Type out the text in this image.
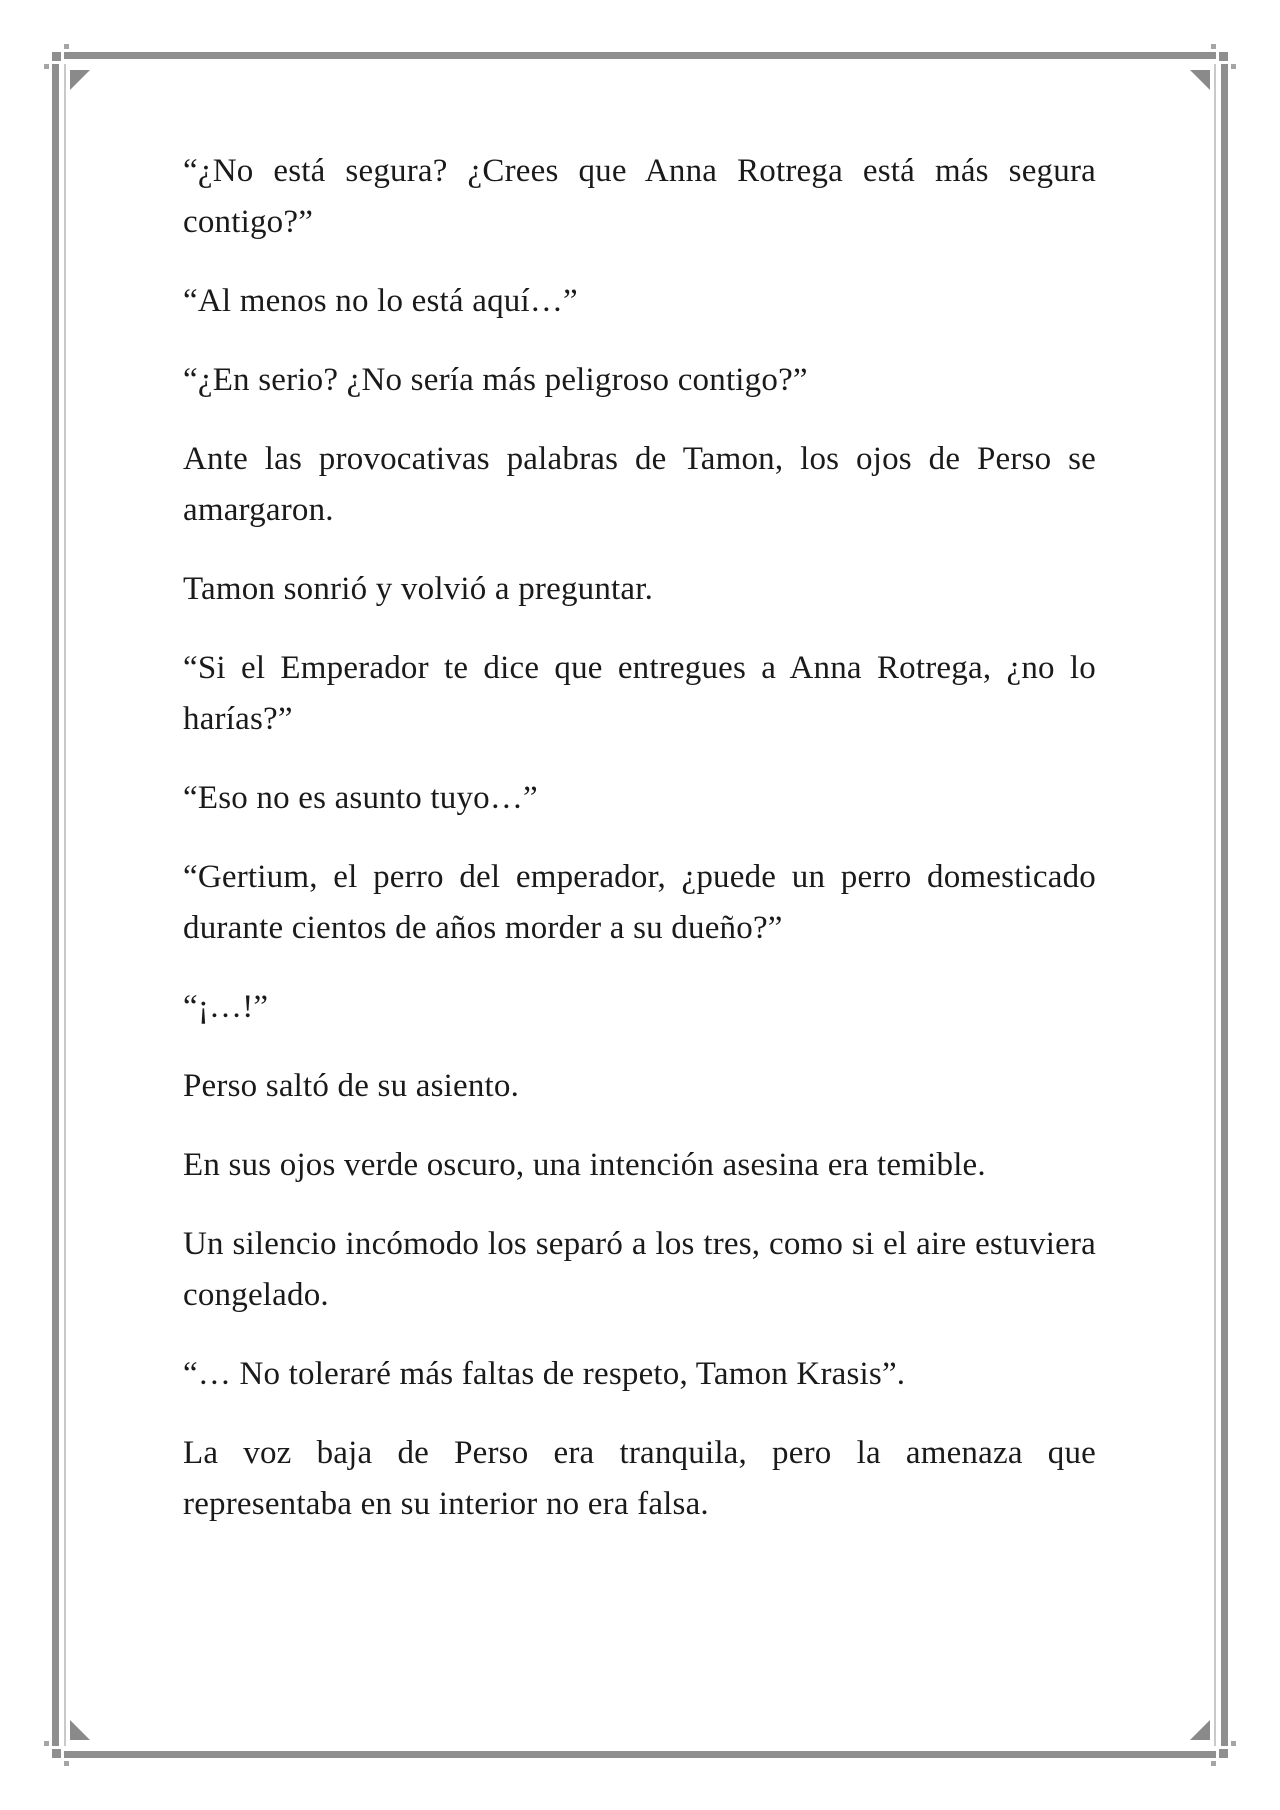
“¿No está segura? ¿Crees que Anna Rotrega está más segura contigo?”

“Al menos no lo está aquí…”

“¿En serio? ¿No sería más peligroso contigo?”

Ante las provocativas palabras de Tamon, los ojos de Perso se amargaron.

Tamon sonrió y volvió a preguntar.

“Si el Emperador te dice que entregues a Anna Rotrega, ¿no lo harías?”

“Eso no es asunto tuyo…”

“Gertium, el perro del emperador, ¿puede un perro domesticado durante cientos de años morder a su dueño?”

“¡…!”

Perso saltó de su asiento.

En sus ojos verde oscuro, una intención asesina era temible.

Un silencio incómodo los separó a los tres, como si el aire estuviera congelado.

“… No toleraré más faltas de respeto, Tamon Krasis”.

La voz baja de Perso era tranquila, pero la amenaza que representaba en su interior no era falsa.
